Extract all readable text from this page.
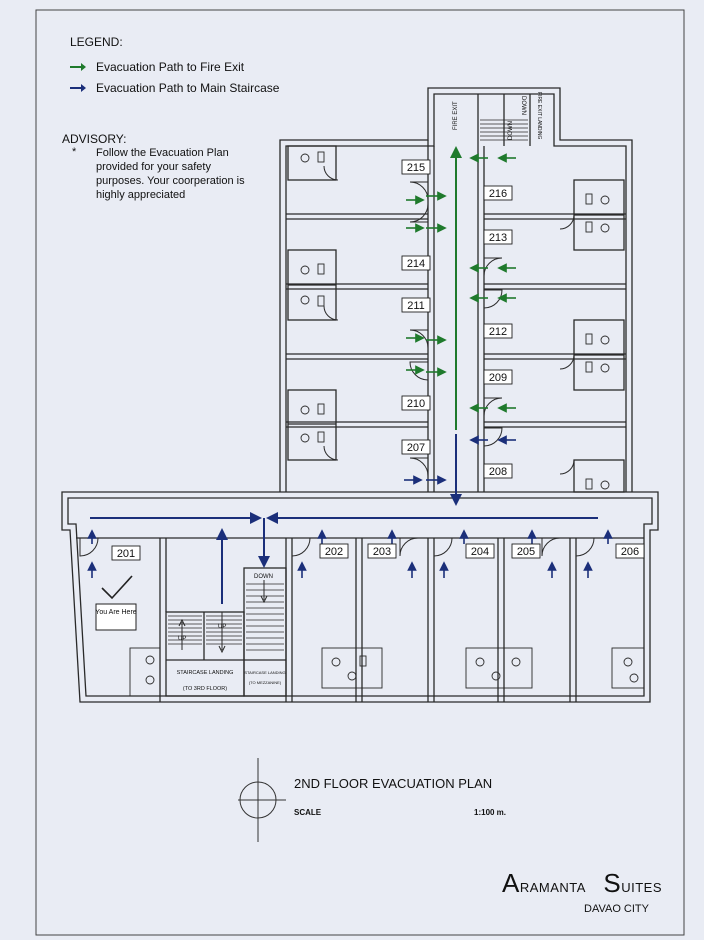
215
214
211
210
207
216
213
212
209
208
201	202	203	204	205	206
FIRE EXIT
DOWN
DOWN FIRE EXIT LANDING
UP
UP
DOWN
STAIRCASE LANDING
(TO 3RD FLOOR)
STAIRCASE LANDING
(TO MEZZANINE)
You Are Here
LEGEND:
Evacuation Path to Fire Exit
Evacuation Path to Main Staircase
ADVISORY:
* Follow the Evacuation Plan provided for your safety purposes. Your coorperation is highly appreciated
2ND FLOOR EVACUATION PLAN
SCALE	1:100 m.
ARAMANTA SUITES
DAVAO CITY
